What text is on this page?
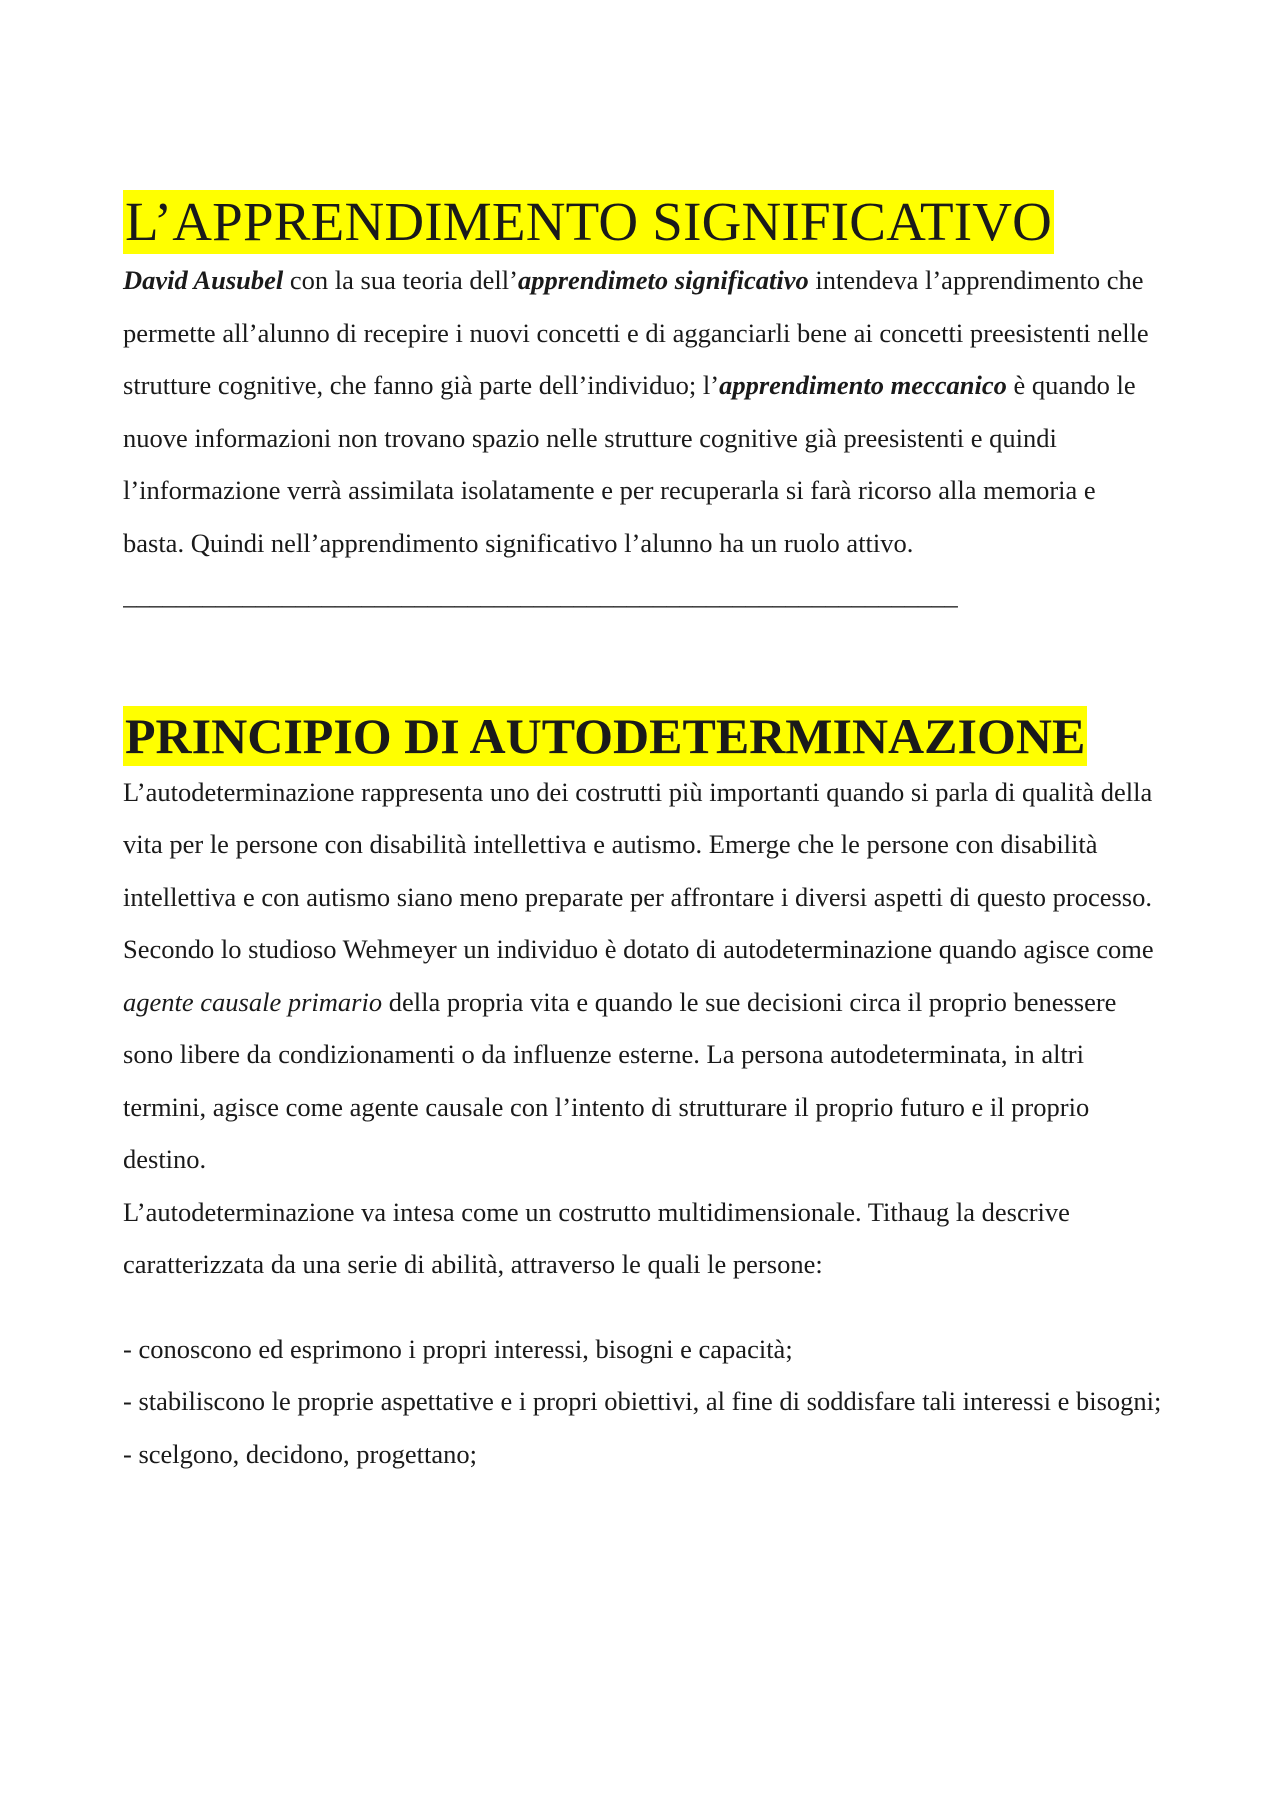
L’APPRENDIMENTO SIGNIFICATIVO

David Ausubel con la sua teoria dell’apprendimeto significativo intendeva l’apprendimento che permette all’alunno di recepire i nuovi concetti e di agganciarli bene ai concetti preesistenti nelle strutture cognitive, che fanno già parte dell’individuo; l’apprendimento meccanico è quando le nuove informazioni non trovano spazio nelle strutture cognitive già preesistenti e quindi l’informazione verrà assimilata isolatamente e per recuperarla si farà ricorso alla memoria e basta. Quindi nell’apprendimento significativo l’alunno ha un ruolo attivo.

_______________________________________________________________

PRINCIPIO DI AUTODETERMINAZIONE

L’autodeterminazione rappresenta uno dei costrutti più importanti quando si parla di qualità della vita per le persone con disabilità intellettiva e autismo. Emerge che le persone con disabilità intellettiva e con autismo siano meno preparate per affrontare i diversi aspetti di questo processo.

Secondo lo studioso Wehmeyer un individuo è dotato di autodeterminazione quando agisce come agente causale primario della propria vita e quando le sue decisioni circa il proprio benessere sono libere da condizionamenti o da influenze esterne. La persona autodeterminata, in altri termini, agisce come agente causale con l’intento di strutturare il proprio futuro e il proprio destino.

L’autodeterminazione va intesa come un costrutto multidimensionale. Tithaug la descrive caratterizzata da una serie di abilità, attraverso le quali le persone:

- conoscono ed esprimono i propri interessi, bisogni e capacità;
- stabiliscono le proprie aspettative e i propri obiettivi, al fine di soddisfare tali interessi e bisogni;
- scelgono, decidono, progettano;
